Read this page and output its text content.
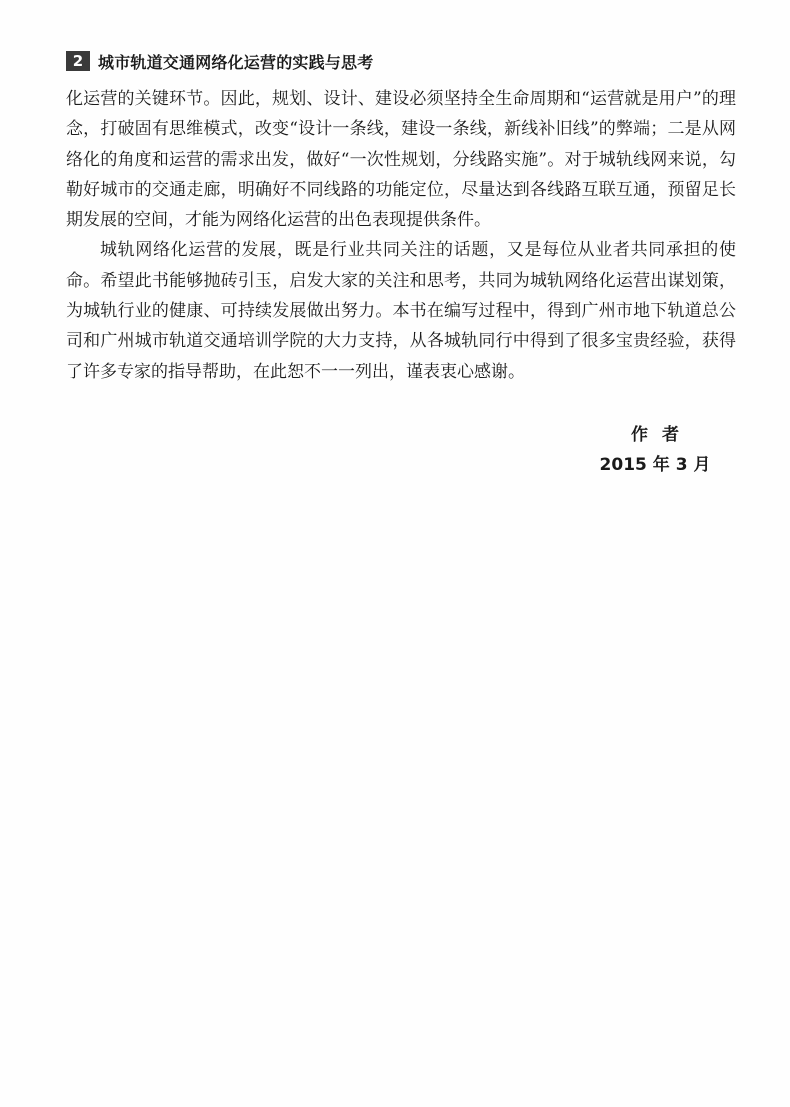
2 城市轨道交通网络化运营的实践与思考

化运营的关键环节。因此，规划、设计、建设必须坚持全生命周期和“运营就是用户”的理念，打破固有思维模式，改变“设计一条线，建设一条线，新线补旧线”的弊端；二是从网络化的角度和运营的需求出发，做好“一次性规划，分线路实施”。对于城轨线网来说，勾勒好城市的交通走廊，明确好不同线路的功能定位，尽量达到各线路互联互通，预留足长期发展的空间，才能为网络化运营的出色表现提供条件。

城轨网络化运营的发展，既是行业共同关注的话题，又是每位从业者共同承担的使命。希望此书能够抛砖引玉，启发大家的关注和思考，共同为城轨网络化运营出谋划策，为城轨行业的健康、可持续发展做出努力。本书在编写过程中，得到广州市地下轨道总公司和广州城市轨道交通培训学院的大力支持，从各城轨同行中得到了很多宝贵经验，获得了许多专家的指导帮助，在此恕不一一列出，谨表衷心感谢。

作者
2015 年 3 月
